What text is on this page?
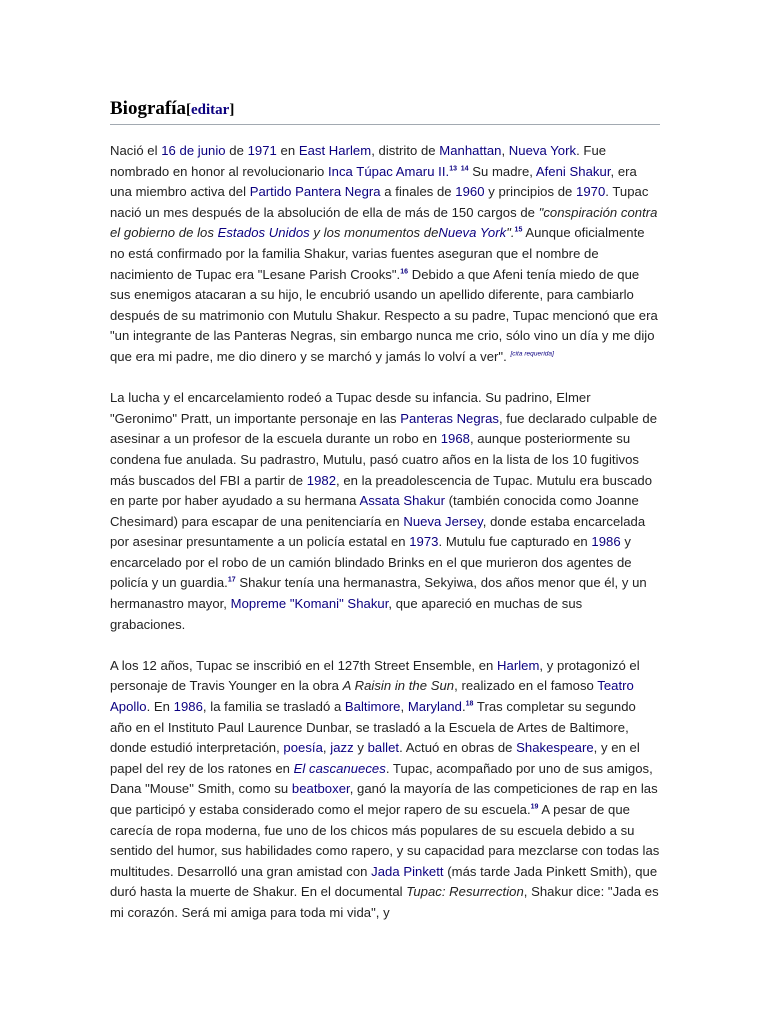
Biografía[editar]

Nació el 16 de junio de 1971 en East Harlem, distrito de Manhattan, Nueva York. Fue nombrado en honor al revolucionario Inca Túpac Amaru II.$^{13}$ $^{14}$ Su madre, Afeni Shakur, era una miembro activa del Partido Pantera Negra a finales de 1960 y principios de 1970. Tupac nació un mes después de la absolución de ella de más de 150 cargos de "conspiración contra el gobierno de los Estados Unidos y los monumentos deNueva York".$^{15}$ Aunque oficialmente no está confirmado por la familia Shakur, varias fuentes aseguran que el nombre de nacimiento de Tupac era "Lesane Parish Crooks".$^{16}$ Debido a que Afeni tenía miedo de que sus enemigos atacaran a su hijo, le encubrió usando un apellido diferente, para cambiarlo después de su matrimonio con Mutulu Shakur. Respecto a su padre, Tupac mencionó que era "un integrante de las Panteras Negras, sin embargo nunca me crio, sólo vino un día y me dijo que era mi padre, me dio dinero y se marchó y jamás lo volví a ver". [cita requerida]

La lucha y el encarcelamiento rodeó a Tupac desde su infancia. Su padrino, Elmer "Geronimo" Pratt, un importante personaje en las Panteras Negras, fue declarado culpable de asesinar a un profesor de la escuela durante un robo en 1968, aunque posteriormente su condena fue anulada. Su padrastro, Mutulu, pasó cuatro años en la lista de los 10 fugitivos más buscados del FBI a partir de 1982, en la preadolescencia de Tupac. Mutulu era buscado en parte por haber ayudado a su hermana Assata Shakur (también conocida como Joanne Chesimard) para escapar de una penitenciaría en Nueva Jersey, donde estaba encarcelada por asesinar presuntamente a un policía estatal en 1973. Mutulu fue capturado en 1986 y encarcelado por el robo de un camión blindado Brinks en el que murieron dos agentes de policía y un guardia.$^{17}$ Shakur tenía una hermanastra, Sekyiwa, dos años menor que él, y un hermanastro mayor, Mopreme "Komani" Shakur, que apareció en muchas de sus grabaciones.

A los 12 años, Tupac se inscribió en el 127th Street Ensemble, en Harlem, y protagonizó el personaje de Travis Younger en la obra A Raisin in the Sun, realizado en el famoso Teatro Apollo. En 1986, la familia se trasladó a Baltimore, Maryland.$^{18}$ Tras completar su segundo año en el Instituto Paul Laurence Dunbar, se trasladó a la Escuela de Artes de Baltimore, donde estudió interpretación, poesía, jazz y ballet. Actuó en obras de Shakespeare, y en el papel del rey de los ratones en El cascanueces. Tupac, acompañado por uno de sus amigos, Dana "Mouse" Smith, como su beatboxer, ganó la mayoría de las competiciones de rap en las que participó y estaba considerado como el mejor rapero de su escuela.$^{19}$ A pesar de que carecía de ropa moderna, fue uno de los chicos más populares de su escuela debido a su sentido del humor, sus habilidades como rapero, y su capacidad para mezclarse con todas las multitudes. Desarrolló una gran amistad con Jada Pinkett (más tarde Jada Pinkett Smith), que duró hasta la muerte de Shakur. En el documental Tupac: Resurrection, Shakur dice: "Jada es mi corazón. Será mi amiga para toda mi vida", y
